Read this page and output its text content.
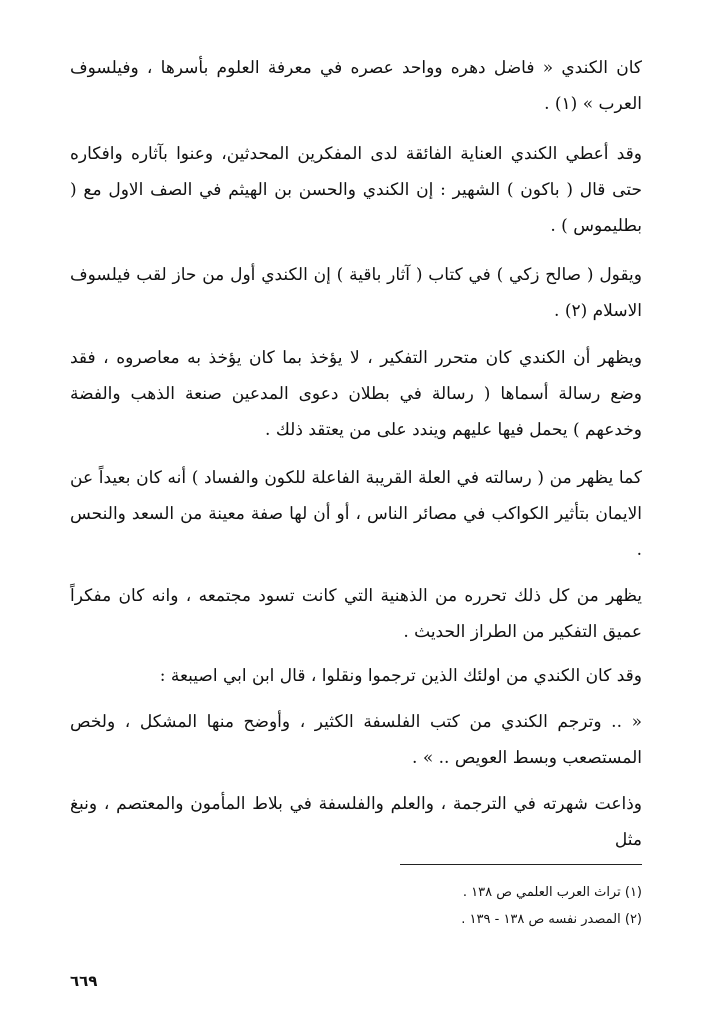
كان الكندي « فاضل دهره وواحد عصره في معرفة العلوم بأسرها ، وفيلسوف العرب » (١) .

وقد أعطي الكندي العناية الفائقة لدى المفكرين المحدثين، وعنوا بآثاره وافكاره حتى قال ( باكون ) الشهير : إن الكندي والحسن بن الهيثم في الصف الاول مع ( بطليموس ) .

ويقول ( صالح زكي ) في كتاب ( آثار باقية ) إن الكندي أول من حاز لقب فيلسوف الاسلام (٢) .

ويظهر أن الكندي كان متحرر التفكير ، لا يؤخذ بما كان يؤخذ به معاصروه ، فقد وضع رسالة أسماها ( رسالة في بطلان دعوى المدعين صنعة الذهب والفضة وخدعهم ) يحمل فيها عليهم ويندد على من يعتقد ذلك .

كما يظهر من ( رسالته في العلة القريبة الفاعلة للكون والفساد ) أنه كان بعيداً عن الايمان بتأثير الكواكب في مصائر الناس ، أو أن لها صفة معينة من السعد والنحس .

يظهر من كل ذلك تحرره من الذهنية التي كانت تسود مجتمعه ، وانه كان مفكراً عميق التفكير من الطراز الحديث .

وقد كان الكندي من اولئك الذين ترجموا ونقلوا ، قال ابن ابي اصيبعة :

« .. وترجم الكندي من كتب الفلسفة الكثير ، وأوضح منها المشكل ، ولخص المستصعب وبسط العويص .. » .

وذاعت شهرته في الترجمة ، والعلم والفلسفة في بلاط المأمون والمعتصم ، ونبغ مثل

(١) تراث العرب العلمي ص ١٣٨ .

(٢) المصدر نفسه ص ١٣٨ - ١٣٩ .

٦٦٩
